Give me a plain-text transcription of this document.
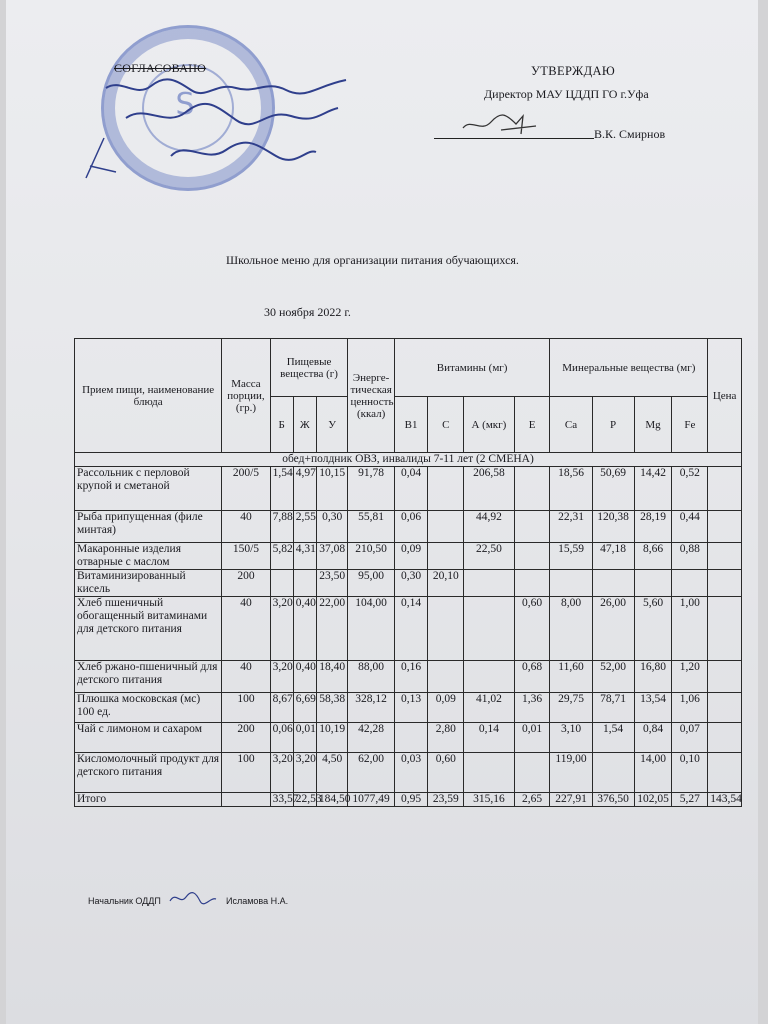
S
СОГЛАСОВАНО	УТВЕРЖДАЮ
Директор МАУ ЦДДП ГО г.Уфа
В.К. Смирнов
Школьное меню для организации питания обучающихся.
30 ноября 2022 г.
Прием пищи, наименование блюда	Масса порции, (гр.)	Пищевые вещества (г)			Энерге-тическая ценность (ккал)	Витамины (мг)				Минеральные вещества (мг)				Цена
		Б	Ж	У		B1	C	А (мкг)	E	Ca	P	Mg	Fe	
обед+полдник ОВЗ, инвалиды 7-11 лет (2 СМЕНА)														
Рассольник с перловой крупой и сметаной	200/5	1,54	4,97	10,15	91,78	0,04		206,58		18,56	50,69	14,42	0,52	
Рыба припущенная (филе минтая)	40	7,88	2,55	0,30	55,81	0,06		44,92		22,31	120,38	28,19	0,44	
Макаронные изделия отварные с маслом	150/5	5,82	4,31	37,08	210,50	0,09		22,50		15,59	47,18	8,66	0,88	
Витаминизированный кисель	200			23,50	95,00	0,30	20,10							
Хлеб пшеничный обогащенный витаминами для детского питания	40	3,20	0,40	22,00	104,00	0,14			0,60	8,00	26,00	5,60	1,00	
Хлеб ржано-пшеничный для детского питания	40	3,20	0,40	18,40	88,00	0,16			0,68	11,60	52,00	16,80	1,20	
Плюшка московская (мс) 100 ед.	100	8,67	6,69	58,38	328,12	0,13	0,09	41,02	1,36	29,75	78,71	13,54	1,06	
Чай с лимоном и сахаром	200	0,06	0,01	10,19	42,28		2,80	0,14	0,01	3,10	1,54	0,84	0,07	
Кисломолочный продукт для детского питания	100	3,20	3,20	4,50	62,00	0,03	0,60			119,00		14,00	0,10	
Итого		33,57	22,53	184,50	1077,49	0,95	23,59	315,16	2,65	227,91	376,50	102,05	5,27	143,54
Начальник ОДДП	Исламова Н.А.
